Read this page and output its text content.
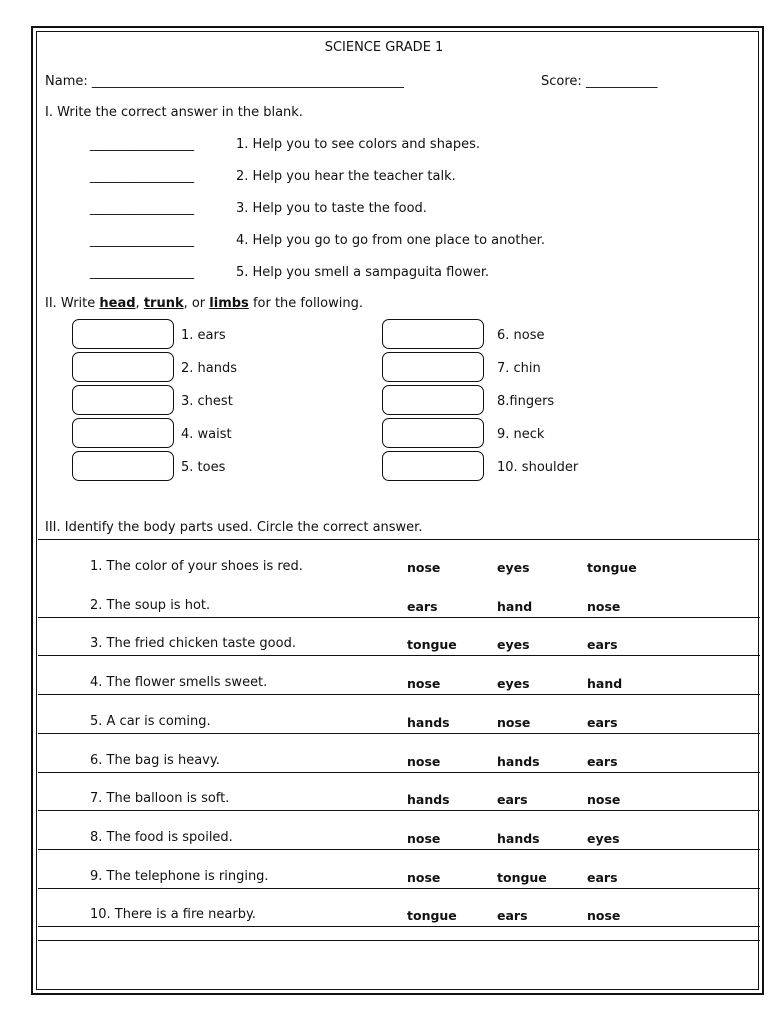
SCIENCE GRADE 1
Name: ________________________________________________	Score: ___________
I. Write the correct answer in the blank.
II. Write head, trunk, or limbs for the following.
III. Identify the body parts used. Circle the correct answer.
________________	1. Help you to see colors and shapes.
________________	2. Help you hear the teacher talk.
________________	3. Help you to taste the food.
________________	4. Help you go to go from one place to another.
________________	5. Help you smell a sampaguita flower.
1. ears
2. hands
3. chest
4. waist
5. toes
6. nose
7. chin
8.fingers
9. neck
10. shoulder
1. The color of your shoes is red.	nose	eyes	tongue
2. The soup is hot.	ears	hand	nose
3. The fried chicken taste good.	tongue	eyes	ears
4. The flower smells sweet.	nose	eyes	hand
5. A car is coming.	hands	nose	ears
6. The bag is heavy.	nose	hands	ears
7. The balloon is soft.	hands	ears	nose
8. The food is spoiled.	nose	hands	eyes
9. The telephone is ringing.	nose	tongue	ears
10. There is a fire nearby.	tongue	ears	nose
